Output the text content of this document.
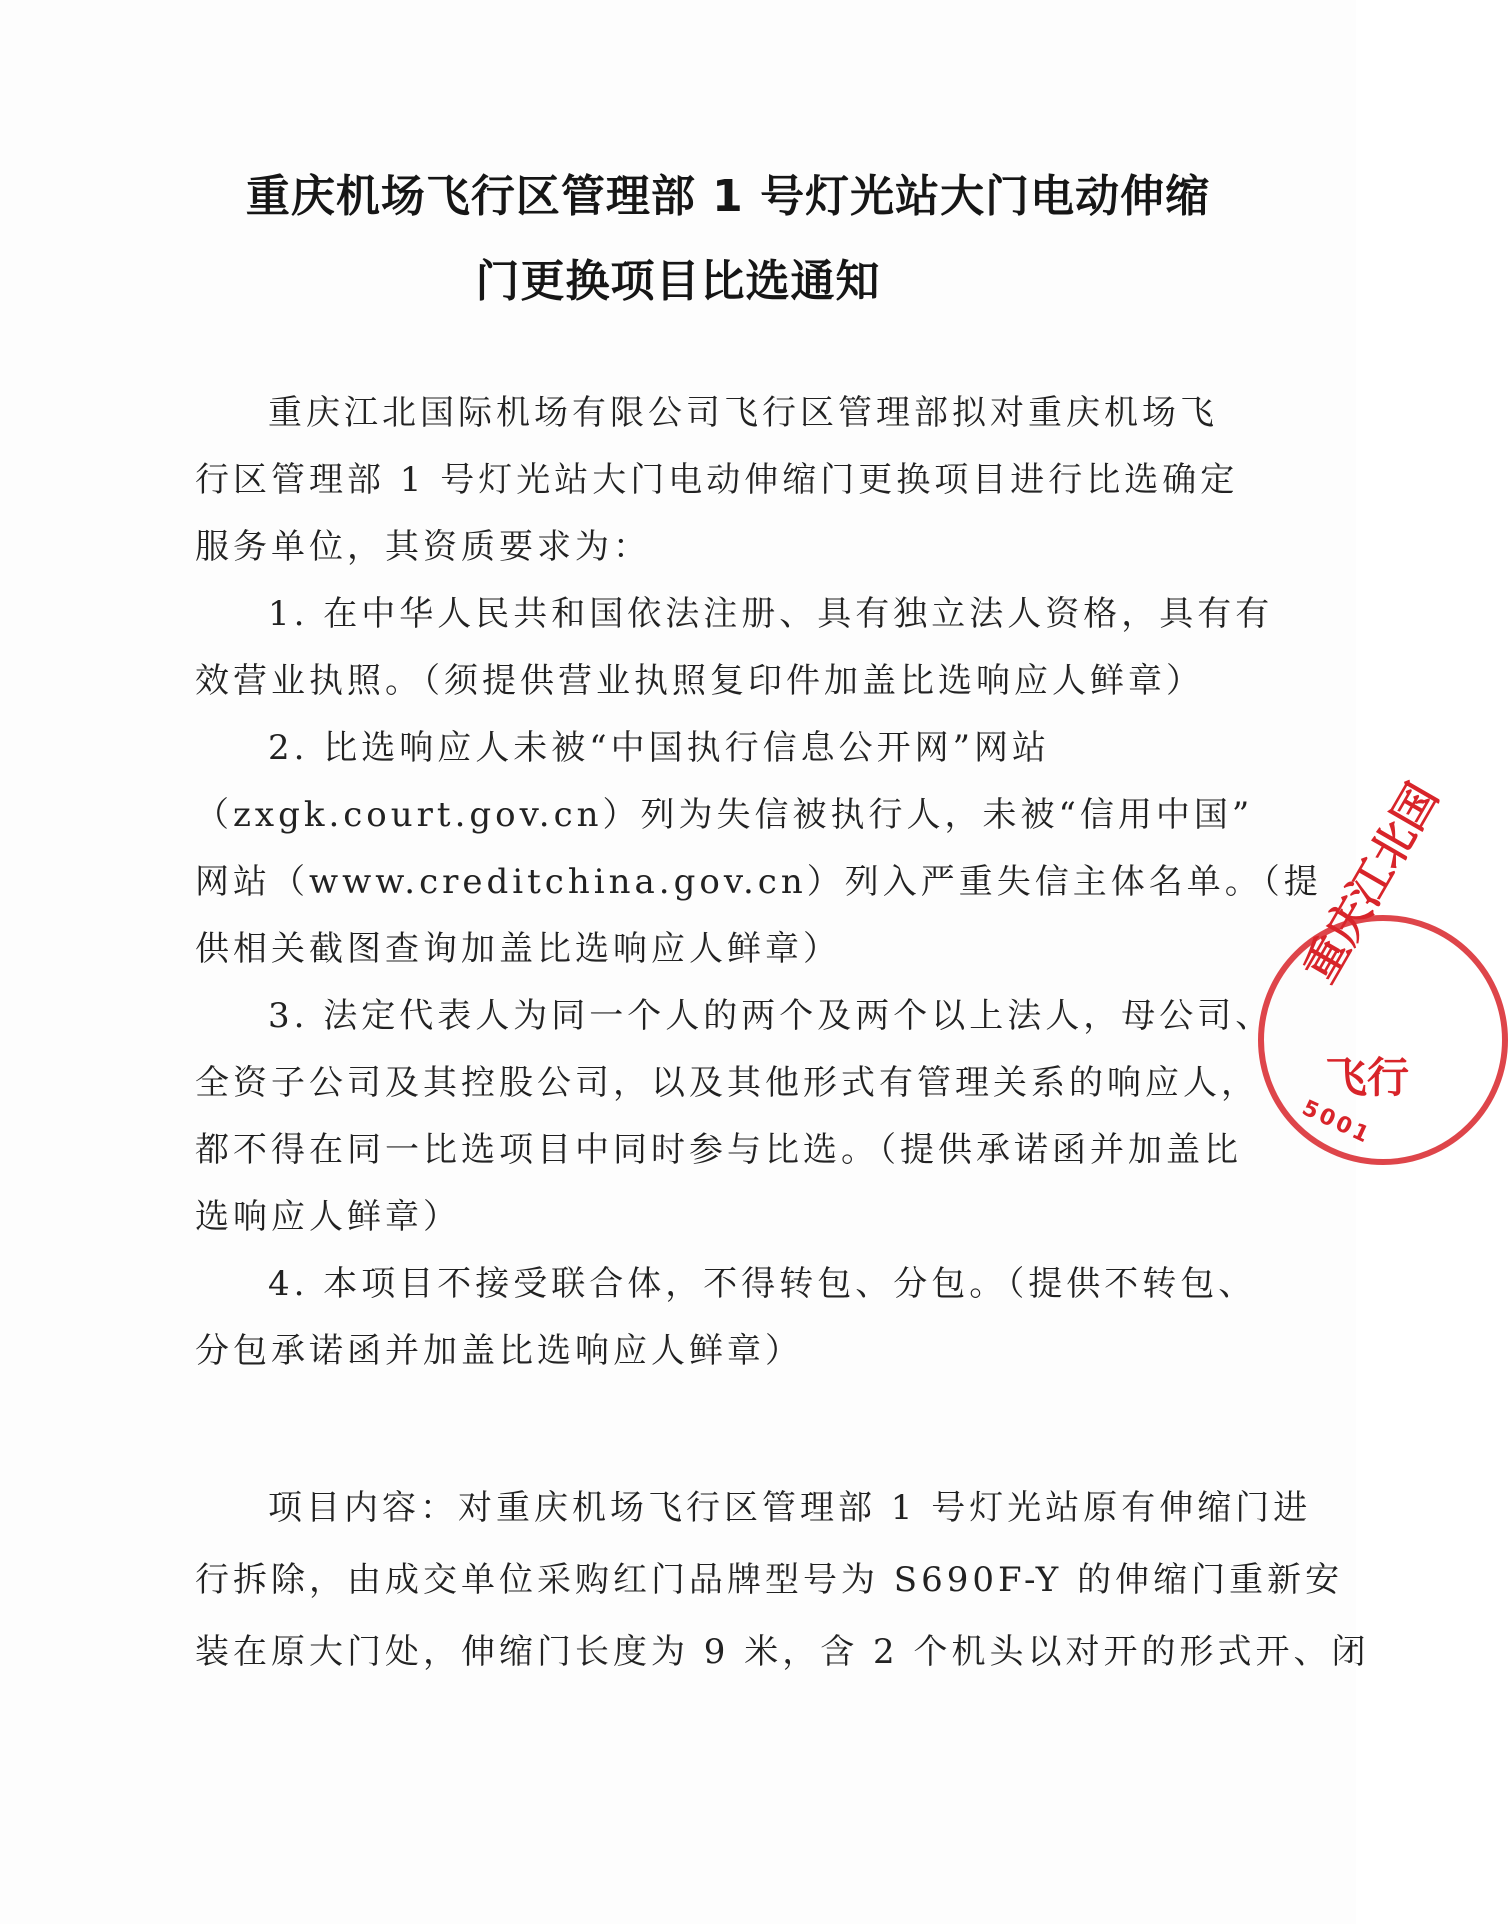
重庆机场飞行区管理部 1 号灯光站大门电动伸缩
门更换项目比选通知
重庆江北国际机场有限公司飞行区管理部拟对重庆机场飞
行区管理部 1 号灯光站大门电动伸缩门更换项目进行比选确定
服务单位，其资质要求为：
1. 在中华人民共和国依法注册、具有独立法人资格，具有有
效营业执照。（须提供营业执照复印件加盖比选响应人鲜章）
2. 比选响应人未被“中国执行信息公开网”网站
（zxgk.court.gov.cn）列为失信被执行人，未被“信用中国”
网站（www.creditchina.gov.cn）列入严重失信主体名单。（提
供相关截图查询加盖比选响应人鲜章）
3. 法定代表人为同一个人的两个及两个以上法人，母公司、
全资子公司及其控股公司，以及其他形式有管理关系的响应人，
都不得在同一比选项目中同时参与比选。（提供承诺函并加盖比
选响应人鲜章）
4. 本项目不接受联合体，不得转包、分包。（提供不转包、
分包承诺函并加盖比选响应人鲜章）
项目内容：对重庆机场飞行区管理部 1 号灯光站原有伸缩门进
行拆除，由成交单位采购红门品牌型号为 S690F-Y 的伸缩门重新安
装在原大门处，伸缩门长度为 9 米，含 2 个机头以对开的形式开、闭
重庆江北国
飞行
5001
